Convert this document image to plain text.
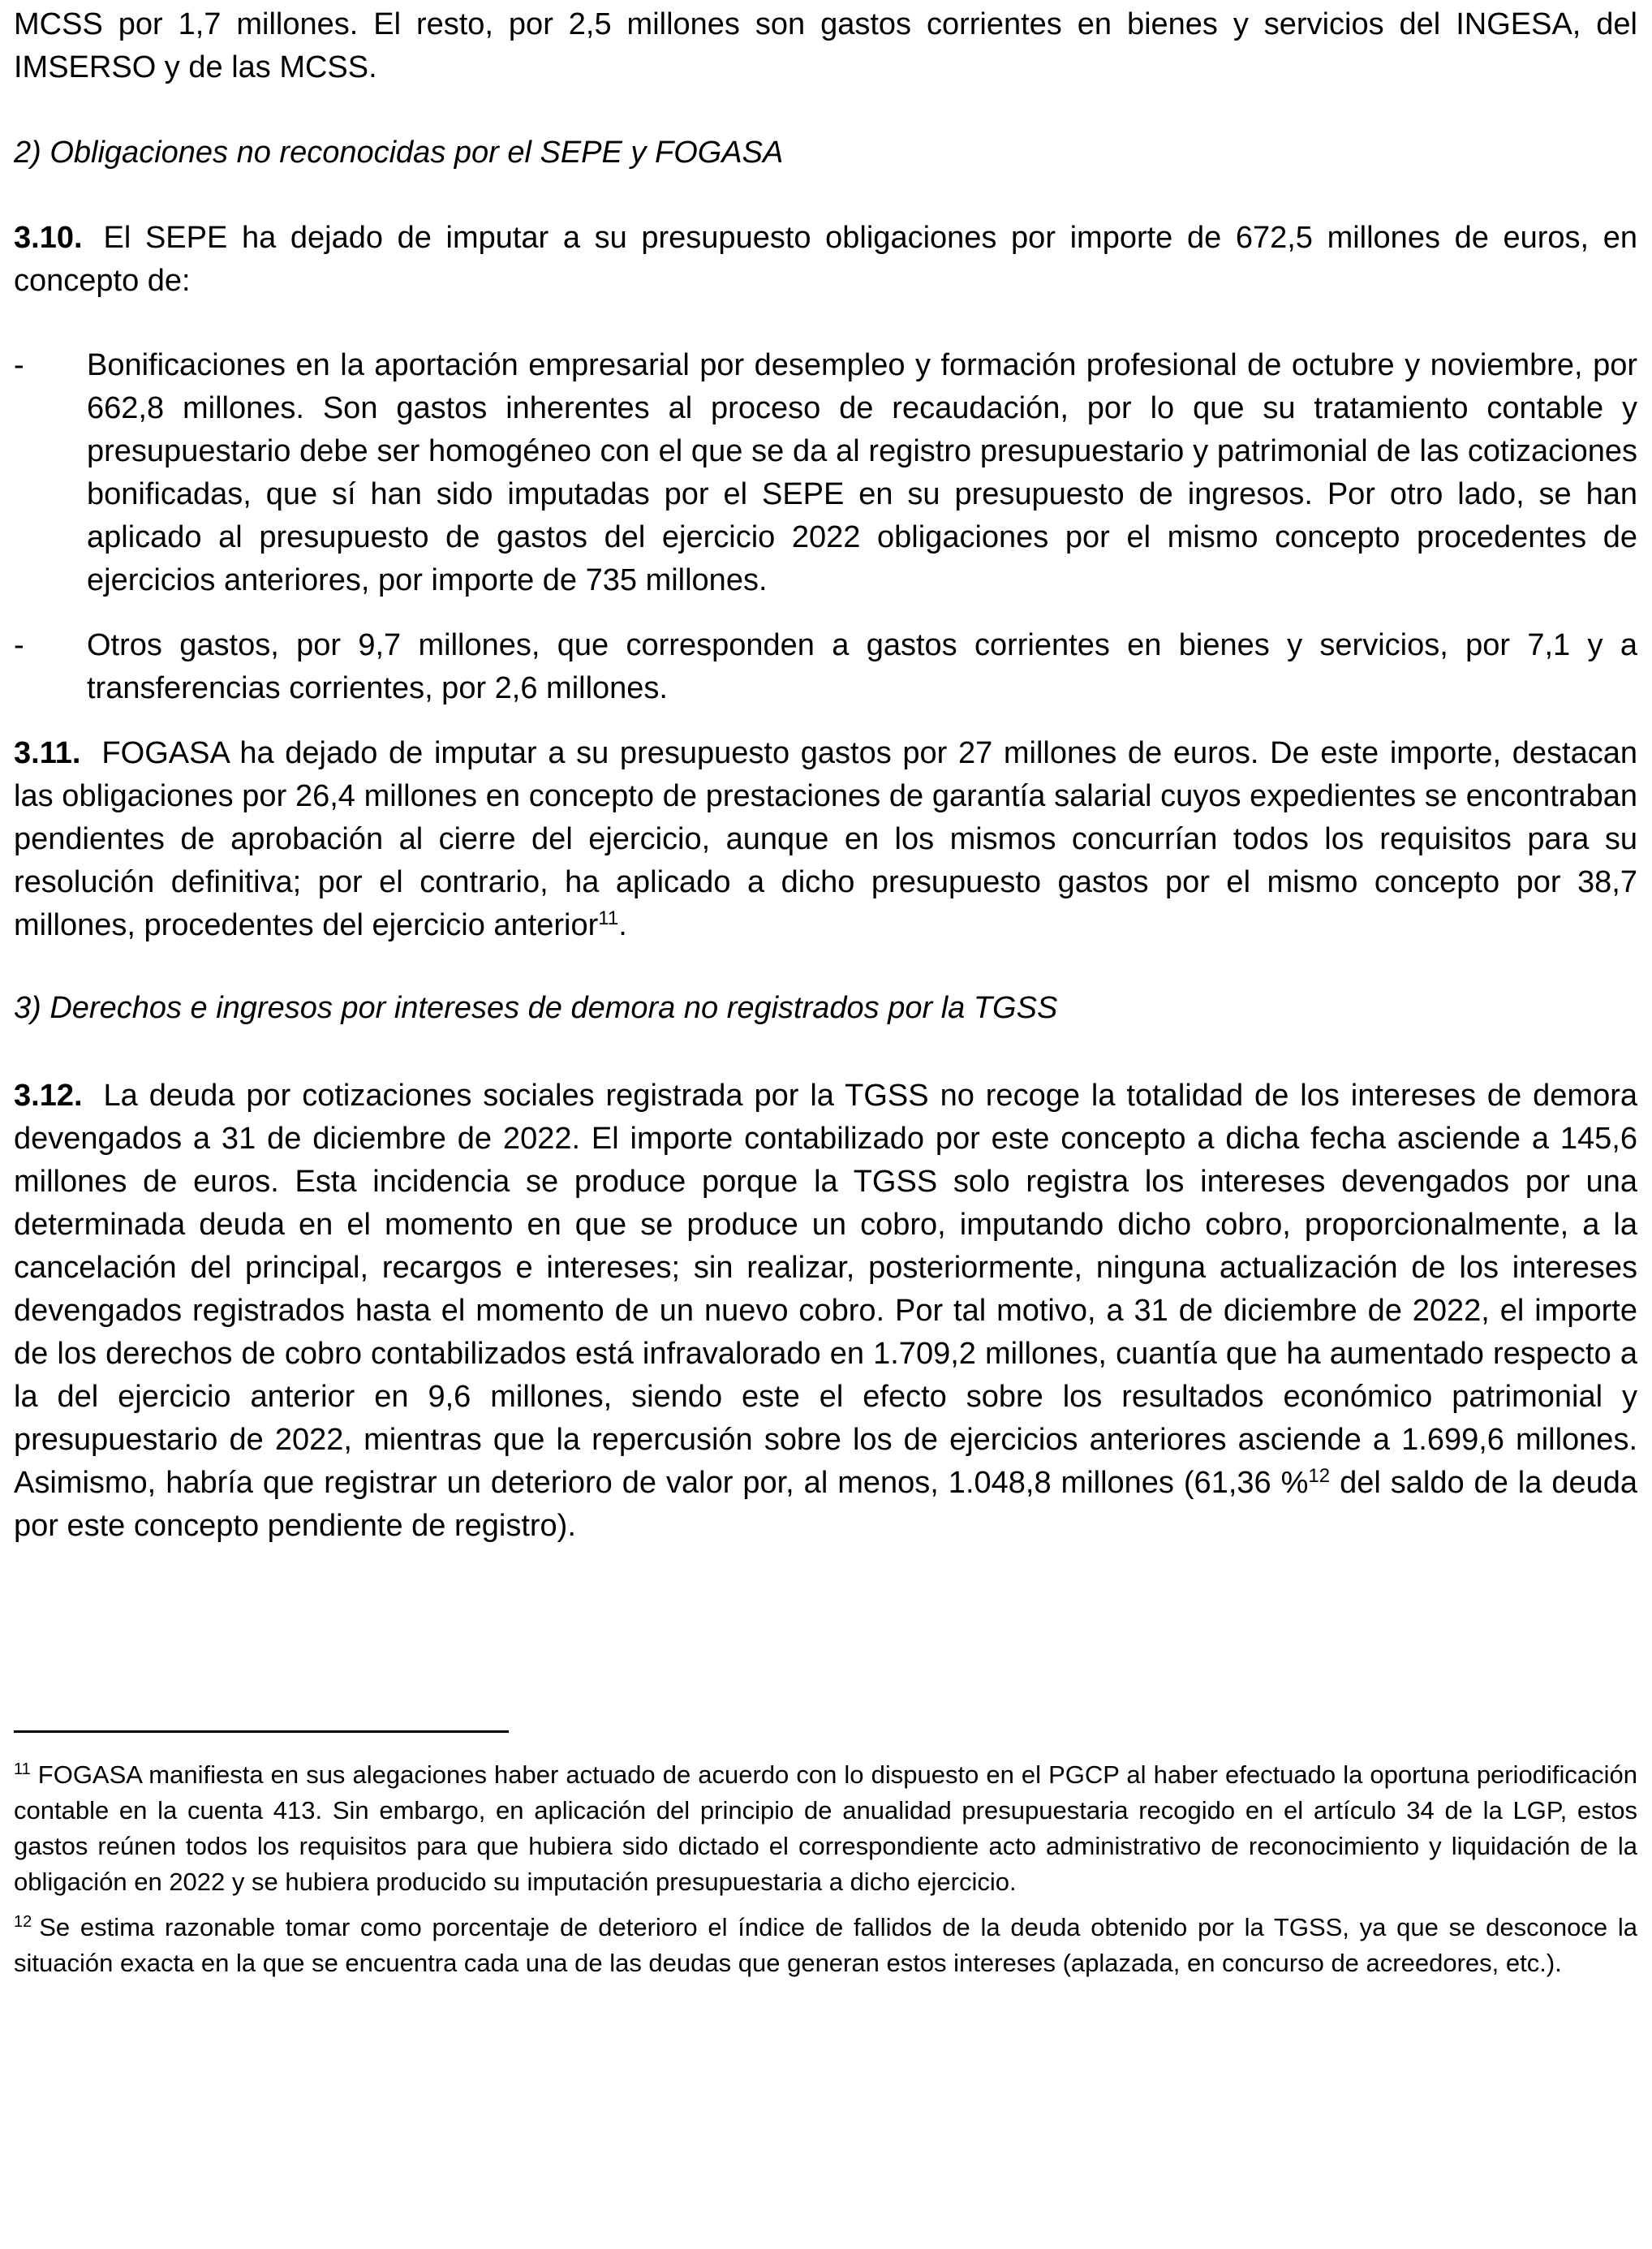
MCSS por 1,7 millones. El resto, por 2,5 millones son gastos corrientes en bienes y servicios del INGESA, del IMSERSO y de las MCSS.

2) Obligaciones no reconocidas por el SEPE y FOGASA

3.10. El SEPE ha dejado de imputar a su presupuesto obligaciones por importe de 672,5 millones de euros, en concepto de:

- Bonificaciones en la aportación empresarial por desempleo y formación profesional de octubre y noviembre, por 662,8 millones. Son gastos inherentes al proceso de recaudación, por lo que su tratamiento contable y presupuestario debe ser homogéneo con el que se da al registro presupuestario y patrimonial de las cotizaciones bonificadas, que sí han sido imputadas por el SEPE en su presupuesto de ingresos. Por otro lado, se han aplicado al presupuesto de gastos del ejercicio 2022 obligaciones por el mismo concepto procedentes de ejercicios anteriores, por importe de 735 millones.
- Otros gastos, por 9,7 millones, que corresponden a gastos corrientes en bienes y servicios, por 7,1 y a transferencias corrientes, por 2,6 millones.

3.11. FOGASA ha dejado de imputar a su presupuesto gastos por 27 millones de euros. De este importe, destacan las obligaciones por 26,4 millones en concepto de prestaciones de garantía salarial cuyos expedientes se encontraban pendientes de aprobación al cierre del ejercicio, aunque en los mismos concurrían todos los requisitos para su resolución definitiva; por el contrario, ha aplicado a dicho presupuesto gastos por el mismo concepto por 38,7 millones, procedentes del ejercicio anterior$^{11}$.

3) Derechos e ingresos por intereses de demora no registrados por la TGSS

3.12. La deuda por cotizaciones sociales registrada por la TGSS no recoge la totalidad de los intereses de demora devengados a 31 de diciembre de 2022. El importe contabilizado por este concepto a dicha fecha asciende a 145,6 millones de euros. Esta incidencia se produce porque la TGSS solo registra los intereses devengados por una determinada deuda en el momento en que se produce un cobro, imputando dicho cobro, proporcionalmente, a la cancelación del principal, recargos e intereses; sin realizar, posteriormente, ninguna actualización de los intereses devengados registrados hasta el momento de un nuevo cobro. Por tal motivo, a 31 de diciembre de 2022, el importe de los derechos de cobro contabilizados está infravalorado en 1.709,2 millones, cuantía que ha aumentado respecto a la del ejercicio anterior en 9,6 millones, siendo este el efecto sobre los resultados económico patrimonial y presupuestario de 2022, mientras que la repercusión sobre los de ejercicios anteriores asciende a 1.699,6 millones. Asimismo, habría que registrar un deterioro de valor por, al menos, 1.048,8 millones (61,36 %$^{12}$ del saldo de la deuda por este concepto pendiente de registro).

$^{11}$ FOGASA manifiesta en sus alegaciones haber actuado de acuerdo con lo dispuesto en el PGCP al haber efectuado la oportuna periodificación contable en la cuenta 413. Sin embargo, en aplicación del principio de anualidad presupuestaria recogido en el artículo 34 de la LGP, estos gastos reúnen todos los requisitos para que hubiera sido dictado el correspondiente acto administrativo de reconocimiento y liquidación de la obligación en 2022 y se hubiera producido su imputación presupuestaria a dicho ejercicio.
$^{12}$ Se estima razonable tomar como porcentaje de deterioro el índice de fallidos de la deuda obtenido por la TGSS, ya que se desconoce la situación exacta en la que se encuentra cada una de las deudas que generan estos intereses (aplazada, en concurso de acreedores, etc.).
